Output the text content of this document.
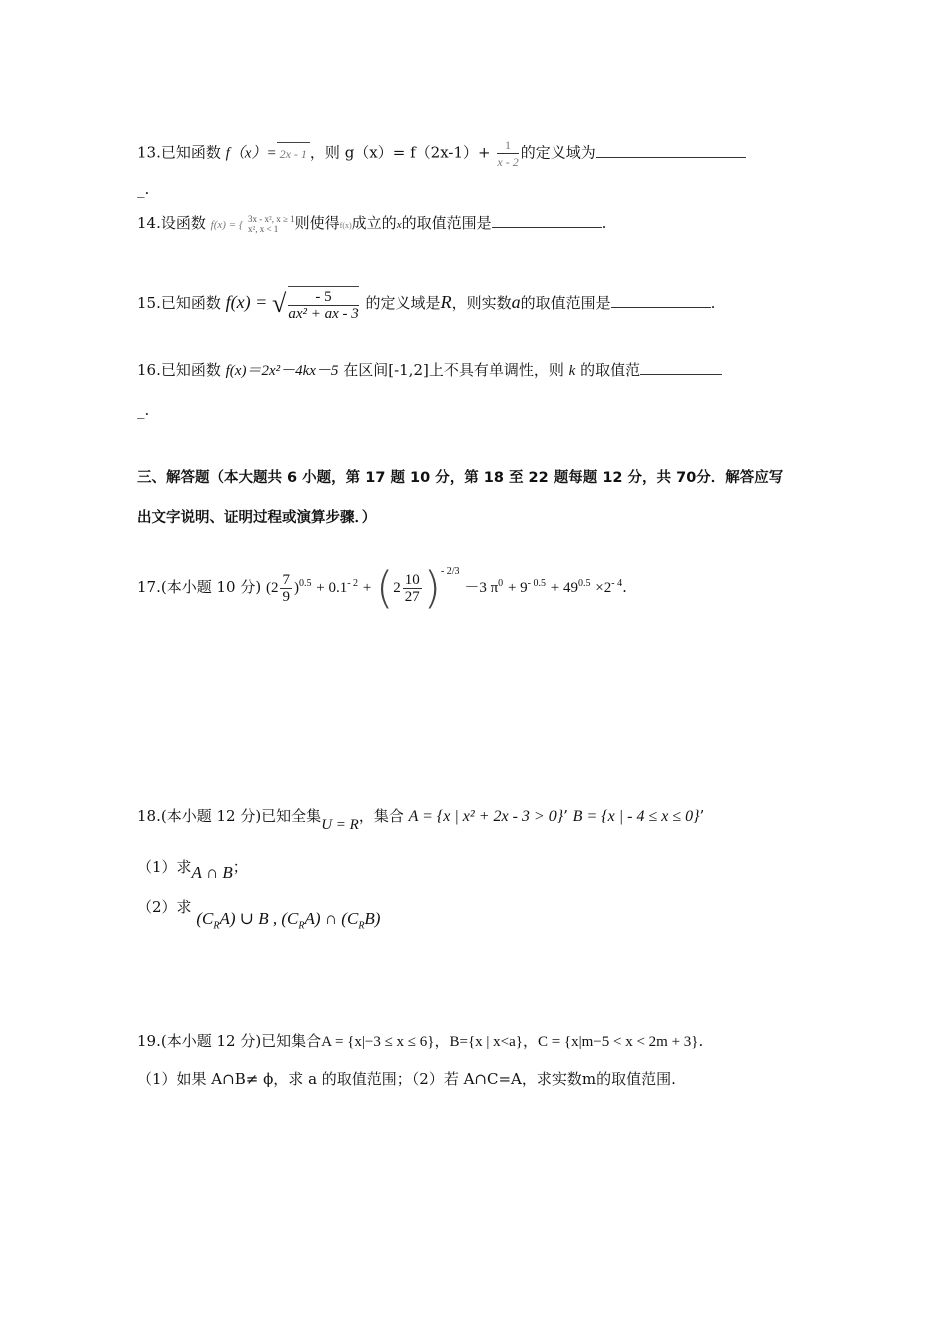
13.已知函数 f（x）= 2x - 1 ，则 $g(x)= f(2x-1)+ \frac{1}{x - 2}$ 的定义域为
_.
14.设函数 f(x) = { 3x - x², x ≥ 1
x², x < 1	则使得f(x)成立的x的取值范围是	.
15.已知函数 f(x) = √ $\frac{- 5}{\text{ax² + ax - 3}}$ 的定义域是R，则实数a的取值范围是	.
16.已知函数 f(x)＝2x²－4kx－5 在区间[-1,2]上不具有单调性，则 k 的取值范
_.
三、解答题（本大题共 6 小题，第 17 题 10 分，第 18 至 22 题每题 12 分，共 70分．解答应写
出文字说明、证明过程或演算步骤．）
17.(本小题 10 分) $(2 \frac{7}{9} )^{0.5} + 0.1^{- 2} + (2 \frac{10}{27} )^{- 2/3} -3$ $\pi^0 + 9^{- 0.5} + 49^{0.5} \times 2^{- 4}$.
18.(本小题 12 分)已知全集U = R，集合 A = {x | x² + 2x - 3 > 0}’ B = {x | - 4 ≤ x ≤ 0}’
（1）求A ∩ B；
（2）求 $(C_RA)$ ∪ B , $(C_RA)$ ∩ $(C_RB)$
19.(本小题 12 分)已知集合A = {x|−3 ≤ x ≤ 6}，B={x | x<a}，C = {x|m−5 < x < 2m + 3}.
（1）如果 A∩B≠ ϕ，求 a 的取值范围；（2）若 A∩C=A，求实数m的取值范围.
